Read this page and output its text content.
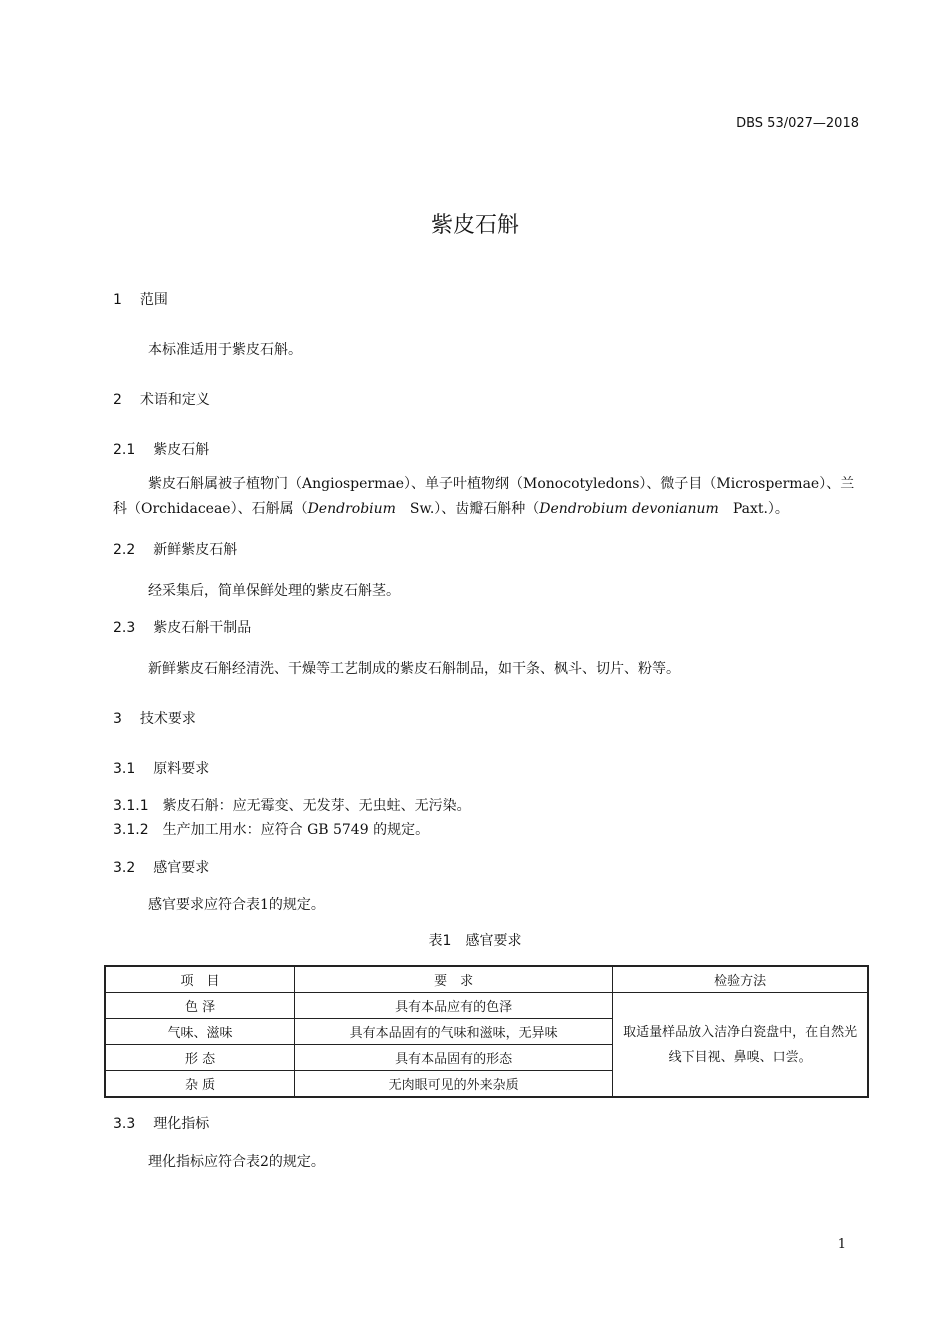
DBS 53/027—2018
紫皮石斛
1 范围
本标准适用于紫皮石斛。
2 术语和定义
2.1 紫皮石斛
紫皮石斛属被子植物门（Angiospermae）、单子叶植物纲（Monocotyledons）、微子目（Microspermae）、兰科（Orchidaceae）、石斛属（Dendrobium　Sw.）、齿瓣石斛种（Dendrobium devonianum　Paxt.）。
2.2 新鲜紫皮石斛
经采集后，简单保鲜处理的紫皮石斛茎。
2.3 紫皮石斛干制品
新鲜紫皮石斛经清洗、干燥等工艺制成的紫皮石斛制品，如干条、枫斗、切片、粉等。
3 技术要求
3.1 原料要求
3.1.1 紫皮石斛：应无霉变、无发芽、无虫蛀、无污染。
3.1.2 生产加工用水：应符合 GB 5749 的规定。
3.2 感官要求
感官要求应符合表1的规定。
表1　感官要求
项　目	要　求	检验方法
色 泽	具有本品应有的色泽	取适量样品放入洁净白瓷盘中，在自然光线下目视、鼻嗅、口尝。
气味、滋味	具有本品固有的气味和滋味，无异味	
形 态	具有本品固有的形态	
杂 质	无肉眼可见的外来杂质	
3.3 理化指标
理化指标应符合表2的规定。
1
